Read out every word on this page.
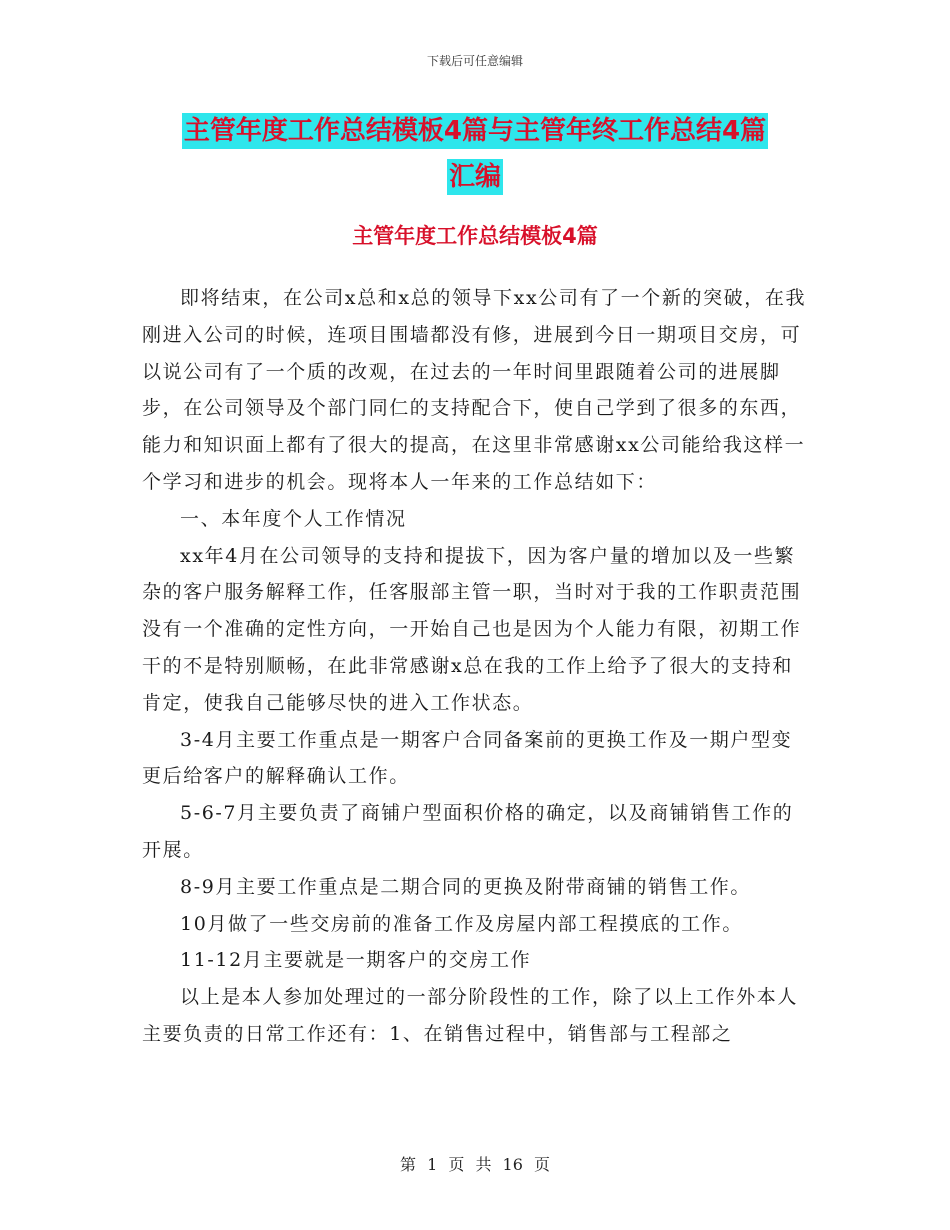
下载后可任意编辑
主管年度工作总结模板4篇与主管年终工作总结4篇
汇编
主管年度工作总结模板4篇

即将结束，在公司x总和x总的领导下xx公司有了一个新的突破，在我刚进入公司的时候，连项目围墙都没有修，进展到今日一期项目交房，可以说公司有了一个质的改观，在过去的一年时间里跟随着公司的进展脚步，在公司领导及个部门同仁的支持配合下，使自己学到了很多的东西，能力和知识面上都有了很大的提高，在这里非常感谢xx公司能给我这样一个学习和进步的机会。现将本人一年来的工作总结如下：

一、本年度个人工作情况

xx年4月在公司领导的支持和提拔下，因为客户量的增加以及一些繁杂的客户服务解释工作，任客服部主管一职，当时对于我的工作职责范围没有一个准确的定性方向，一开始自己也是因为个人能力有限，初期工作干的不是特别顺畅，在此非常感谢x总在我的工作上给予了很大的支持和肯定，使我自己能够尽快的进入工作状态。

3-4月主要工作重点是一期客户合同备案前的更换工作及一期户型变更后给客户的解释确认工作。

5-6-7月主要负责了商铺户型面积价格的确定，以及商铺销售工作的开展。

8-9月主要工作重点是二期合同的更换及附带商铺的销售工作。

10月做了一些交房前的准备工作及房屋内部工程摸底的工作。

11-12月主要就是一期客户的交房工作

以上是本人参加处理过的一部分阶段性的工作，除了以上工作外本人主要负责的日常工作还有：1、在销售过程中，销售部与工程部之

第 1 页 共 16 页
